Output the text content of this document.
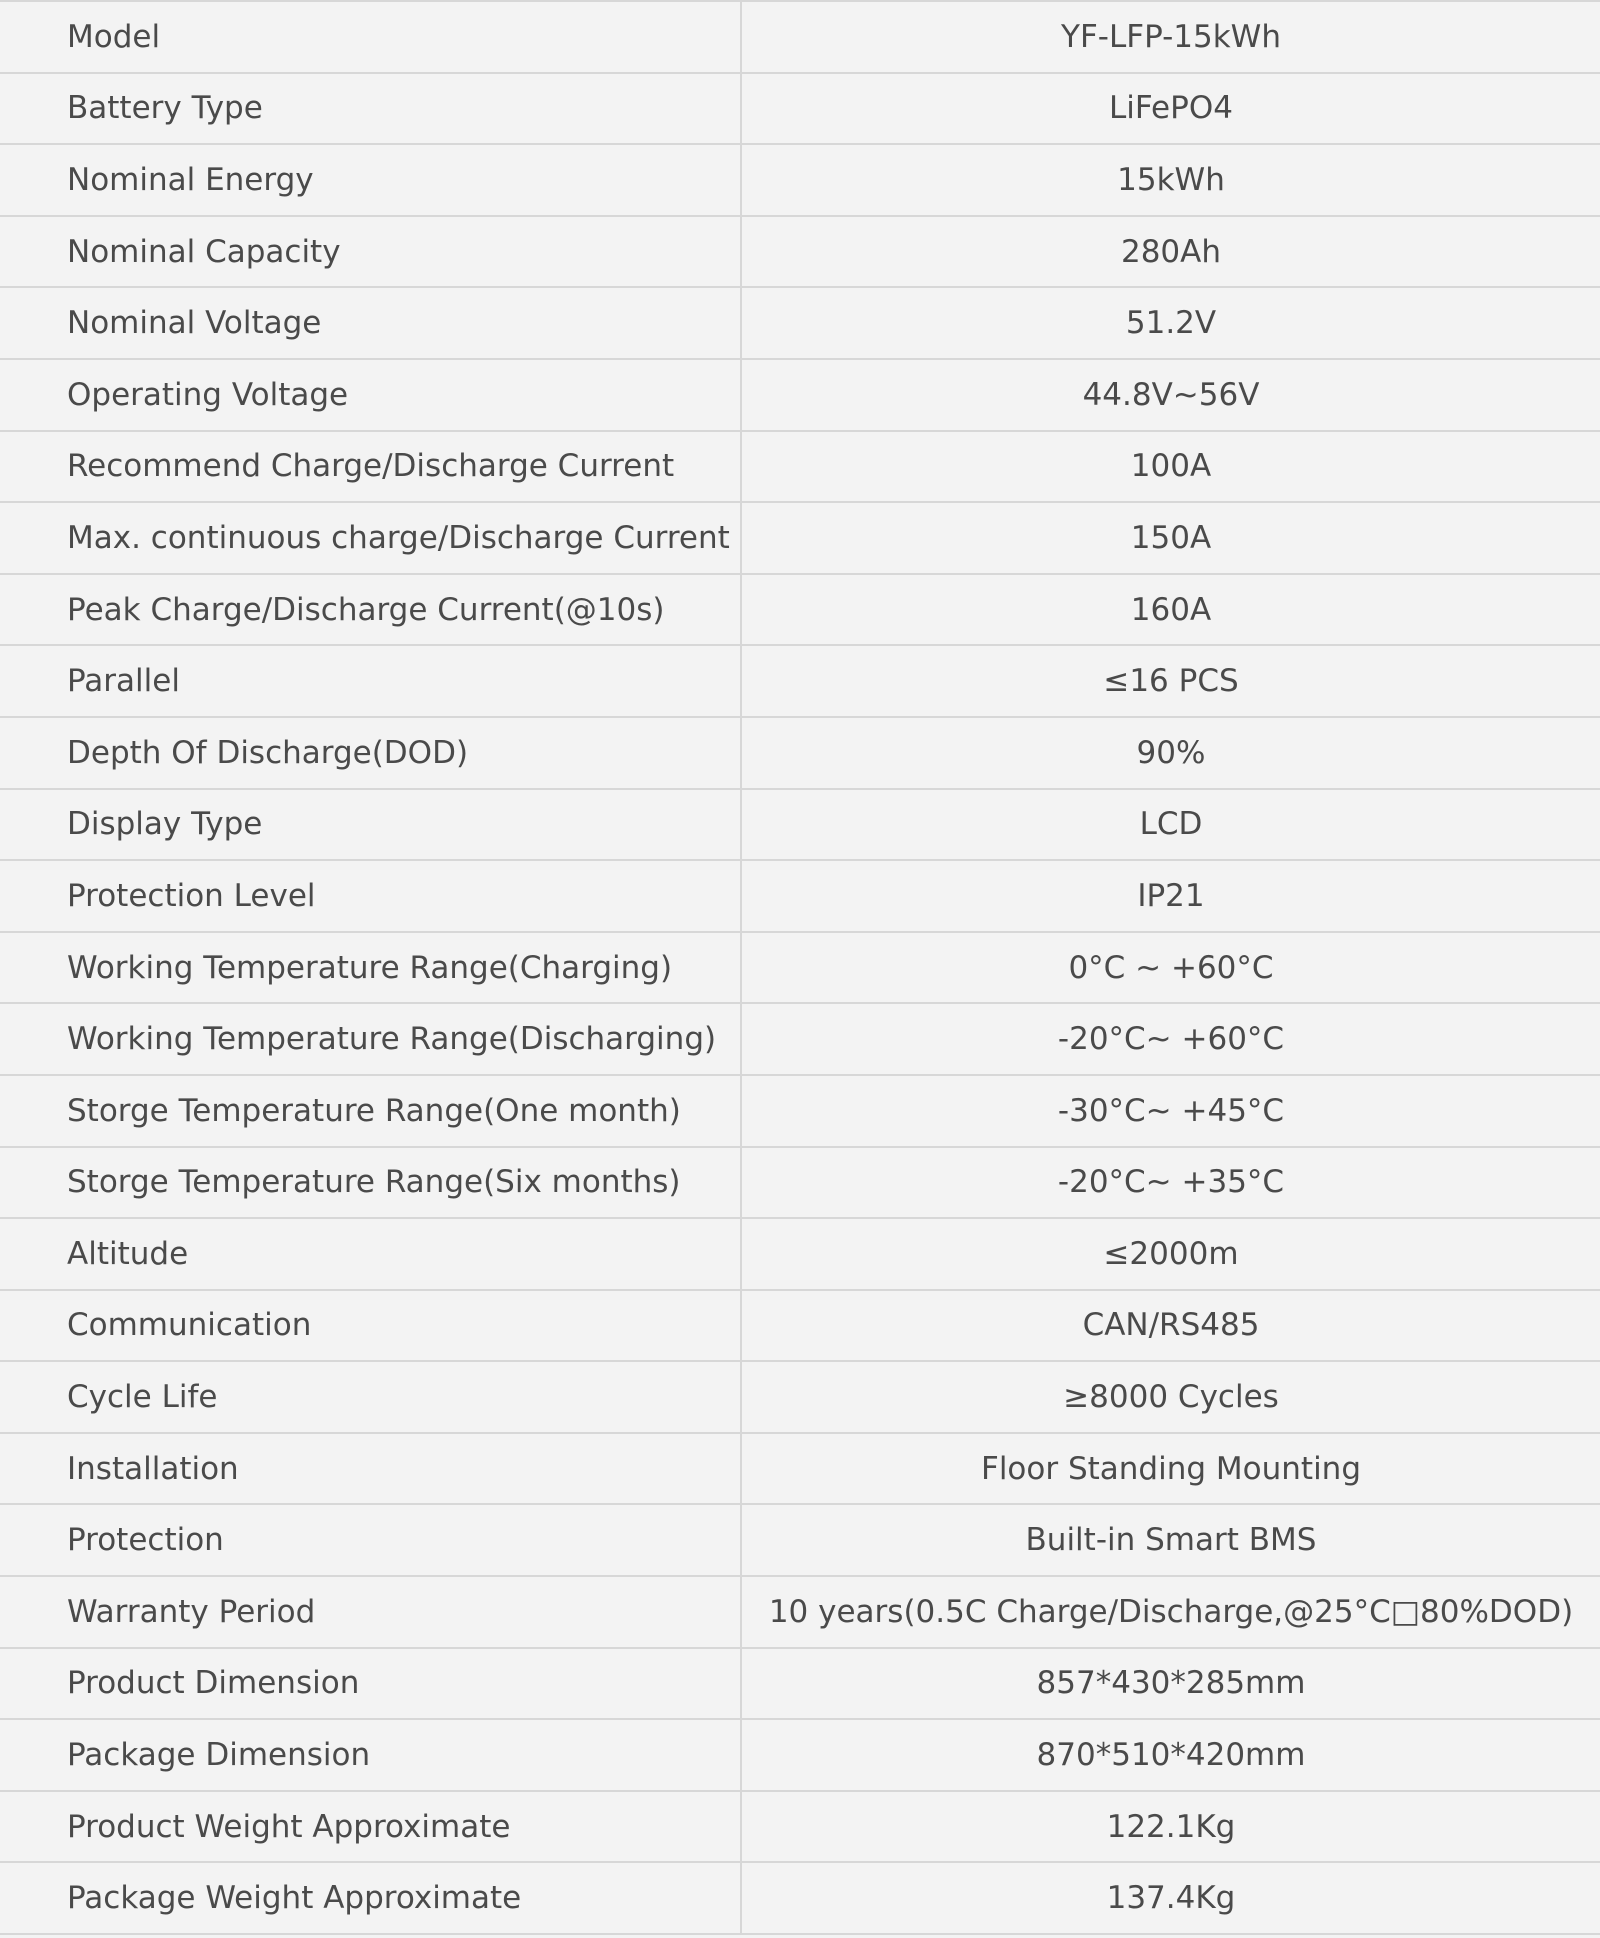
Model	YF-LFP-15kWh
Battery Type	LiFePO4
Nominal Energy	15kWh
Nominal Capacity	280Ah
Nominal Voltage	51.2V
Operating Voltage	44.8V~56V
Recommend Charge/Discharge Current	100A
Max. continuous charge/Discharge Current	150A
Peak Charge/Discharge Current(@10s)	160A
Parallel	≤16 PCS
Depth Of Discharge(DOD)	90%
Display Type	LCD
Protection Level	IP21
Working Temperature Range(Charging)	0°C ~ +60°C
Working Temperature Range(Discharging)	-20°C~ +60°C
Storge Temperature Range(One month)	-30°C~ +45°C
Storge Temperature Range(Six months)	-20°C~ +35°C
Altitude	≤2000m
Communication	CAN/RS485
Cycle Life	≥8000 Cycles
Installation	Floor Standing Mounting
Protection	Built-in Smart BMS
Warranty Period	10 years(0.5C Charge/Discharge,@25°C□80%DOD)
Product Dimension	857*430*285mm
Package Dimension	870*510*420mm
Product Weight Approximate	122.1Kg
Package Weight Approximate	137.4Kg
